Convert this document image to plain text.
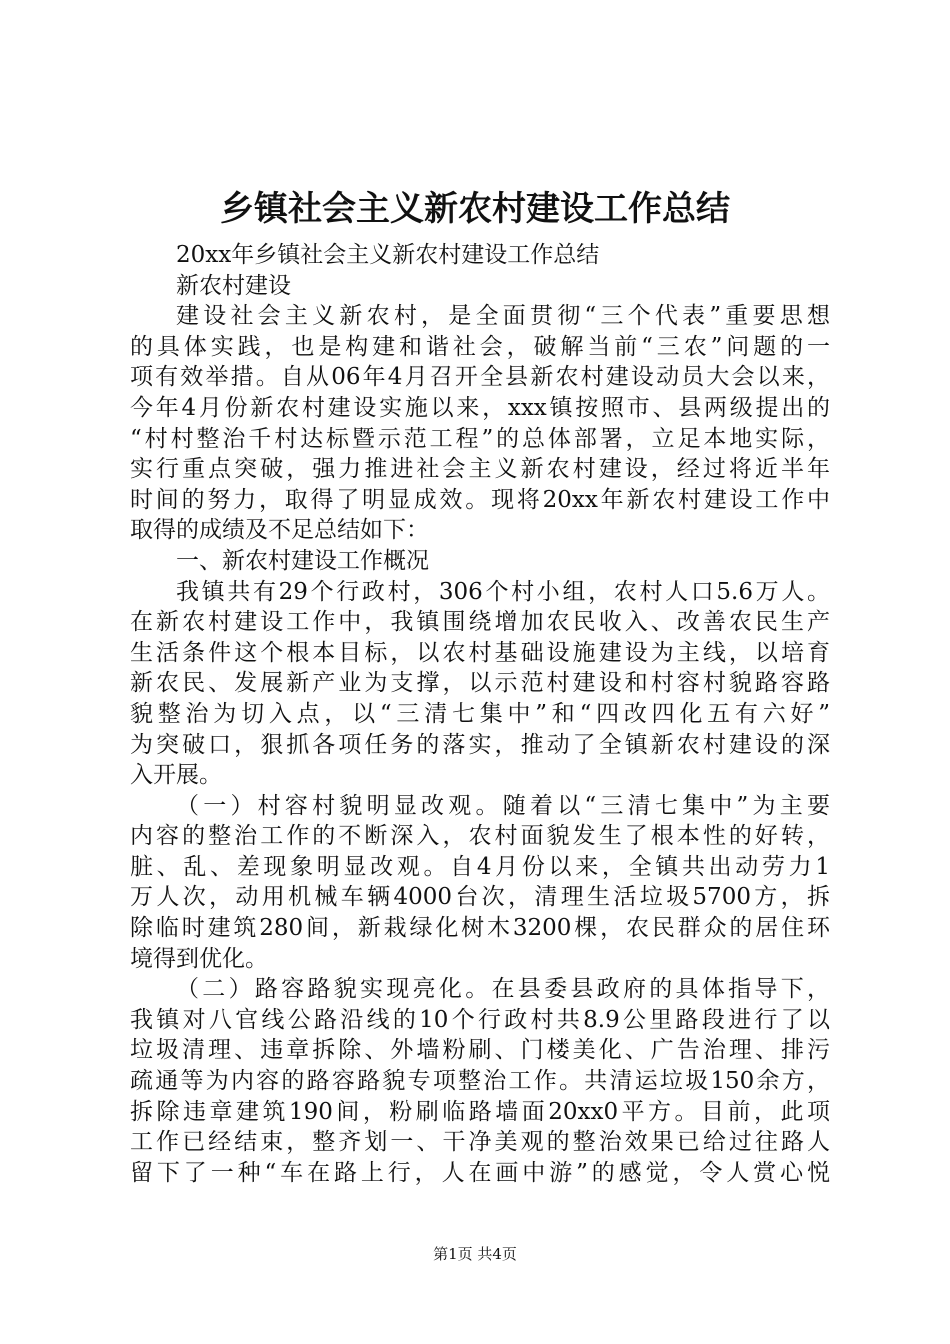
乡镇社会主义新农村建设工作总结
20xx年乡镇社会主义新农村建设工作总结
新农村建设
建设社会主义新农村，是全面贯彻“三个代表”重要思想
的具体实践，也是构建和谐社会，破解当前“三农”问题的一
项有效举措。自从06年4月召开全县新农村建设动员大会以来，
今年4月份新农村建设实施以来，xxx镇按照市、县两级提出的
“村村整治千村达标暨示范工程”的总体部署，立足本地实际，
实行重点突破，强力推进社会主义新农村建设，经过将近半年
时间的努力，取得了明显成效。现将20xx年新农村建设工作中
取得的成绩及不足总结如下：
一、新农村建设工作概况
我镇共有29个行政村，306个村小组，农村人口5.6万人。
在新农村建设工作中，我镇围绕增加农民收入、改善农民生产
生活条件这个根本目标，以农村基础设施建设为主线，以培育
新农民、发展新产业为支撑，以示范村建设和村容村貌路容路
貌整治为切入点，以“三清七集中”和“四改四化五有六好”
为突破口，狠抓各项任务的落实，推动了全镇新农村建设的深
入开展。
（一）村容村貌明显改观。随着以“三清七集中”为主要
内容的整治工作的不断深入，农村面貌发生了根本性的好转，
脏、乱、差现象明显改观。自4月份以来，全镇共出动劳力1
万人次，动用机械车辆4000台次，清理生活垃圾5700方，拆
除临时建筑280间，新栽绿化树木3200棵，农民群众的居住环
境得到优化。
（二）路容路貌实现亮化。在县委县政府的具体指导下，
我镇对八官线公路沿线的10个行政村共8.9公里路段进行了以
垃圾清理、违章拆除、外墙粉刷、门楼美化、广告治理、排污
疏通等为内容的路容路貌专项整治工作。共清运垃圾150余方，
拆除违章建筑190间，粉刷临路墙面20xx0平方。目前，此项
工作已经结束，整齐划一、干净美观的整治效果已给过往路人
留下了一种“车在路上行，人在画中游”的感觉，令人赏心悦
第1页 共4页
